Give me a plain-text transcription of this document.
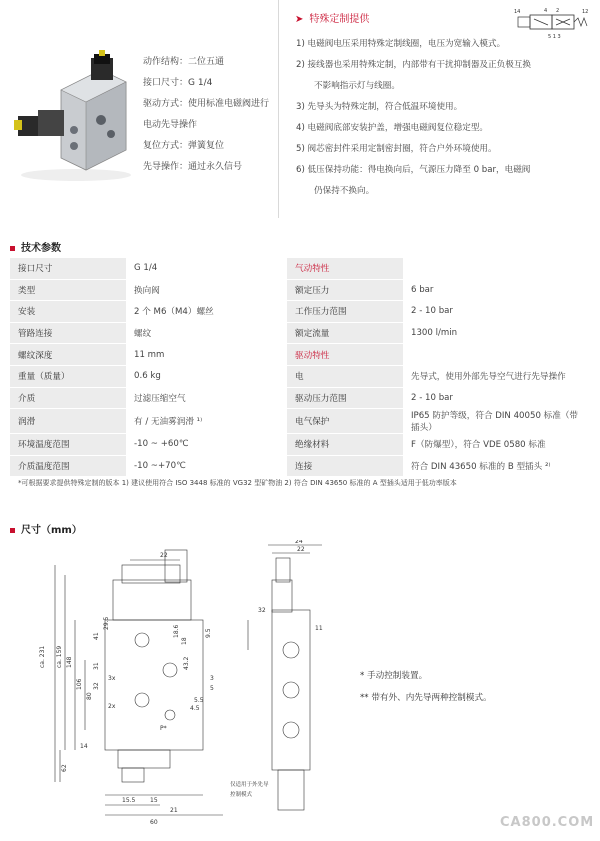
动作结构：二位五通
接口尺寸：G 1/4
驱动方式：使用标准电磁阀进行
电动先导操作
复位方式：弹簧复位
先导操作：通过永久信号
➤ 特殊定制提供
14	4 2	12
5 1 3
1) 电磁阀电压采用特殊定制线圈，电压为宽输入模式。
2) 接线器也采用特殊定制，内部带有干扰抑制器及正负极互换
不影响指示灯与线圈。
3) 先导头为特殊定制，符合低温环境使用。
4) 电磁阀底部安装护盖，增强电磁阀复位稳定型。
5) 阀芯密封件采用定制密封圈，符合户外环境使用。
6) 低压保持功能：得电换向后，气源压力降至 0 bar，电磁阀
仍保持不换向。
技术参数
接口尺寸	G 1/4	气动特性	
类型	换向阀	额定压力	6 bar
安装	2 个 M6（M4）螺丝	工作压力范围	2 - 10 bar
管路连接	螺纹	额定流量	1300 l/min
螺纹深度	11 mm	驱动特性	
重量（质量）	0.6 kg	电	先导式，使用外部先导空气进行先导操作
介质	过滤压缩空气	驱动压力范围	2 - 10 bar
润滑	有 / 无油雾润滑 ¹⁾	电气保护	IP65 防护等级，符合 DIN 40050 标准（带插头）
环境温度范围	-10 ~ +60℃	绝缘材料	F（防爆型），符合 VDE 0580 标准
介质温度范围	-10 ~+70℃	连接	符合 DIN 43650 标准的 B 型插头 ²⁾
*可根据要求提供特殊定制的版本 1) 建议使用符合 ISO 3448 标准的 VG32 型矿物油 2) 符合 DIN 43650 标准的 A 型插头适用于低功率版本
尺寸（mm）
ca. 231 ca. 159 148
106
80
62
41
29.5
31
32
18.6
18
9.5
5
3
22
15.5 15
21
60
24
22
11
43.2
4.5
5.5
14
3x
2x
P*
32
仅适用于外先导
控制模式
* 手动控制装置。
** 带有外、内先导两种控制模式。
CA800.COM
